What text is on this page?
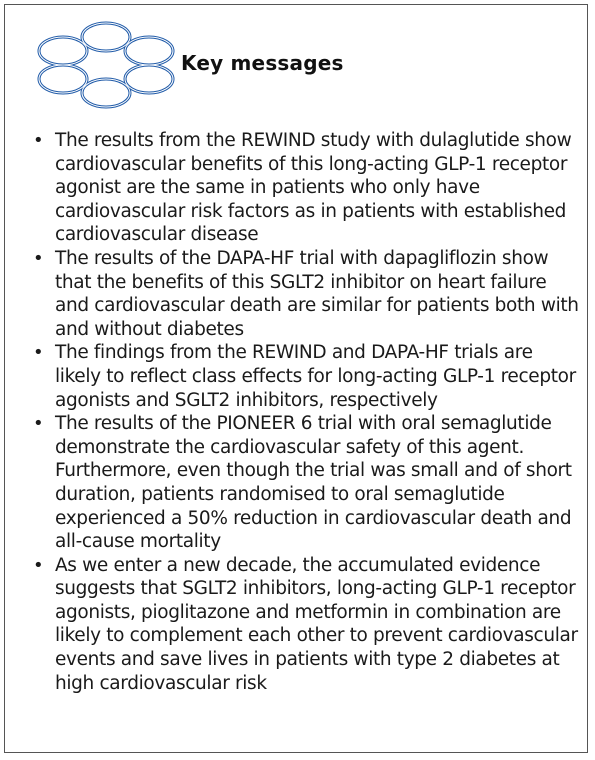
Key messages
• The results from the REWIND study with dulaglutide show cardiovascular benefits of this long-acting GLP-1 receptor agonist are the same in patients who only have cardiovascular risk factors as in patients with established cardiovascular disease
• The results of the DAPA-HF trial with dapagliflozin show that the benefits of this SGLT2 inhibitor on heart failure and cardiovascular death are similar for patients both with and without diabetes
• The findings from the REWIND and DAPA-HF trials are likely to reflect class effects for long-acting GLP-1 receptor agonists and SGLT2 inhibitors, respectively
• The results of the PIONEER 6 trial with oral semaglutide demonstrate the cardiovascular safety of this agent. Furthermore, even though the trial was small and of short duration, patients randomised to oral semaglutide experienced a 50% reduction in cardiovascular death and all-cause mortality
• As we enter a new decade, the accumulated evidence suggests that SGLT2 inhibitors, long-acting GLP-1 receptor agonists, pioglitazone and metformin in combination are likely to complement each other to prevent cardiovascular events and save lives in patients with type 2 diabetes at high cardiovascular risk
